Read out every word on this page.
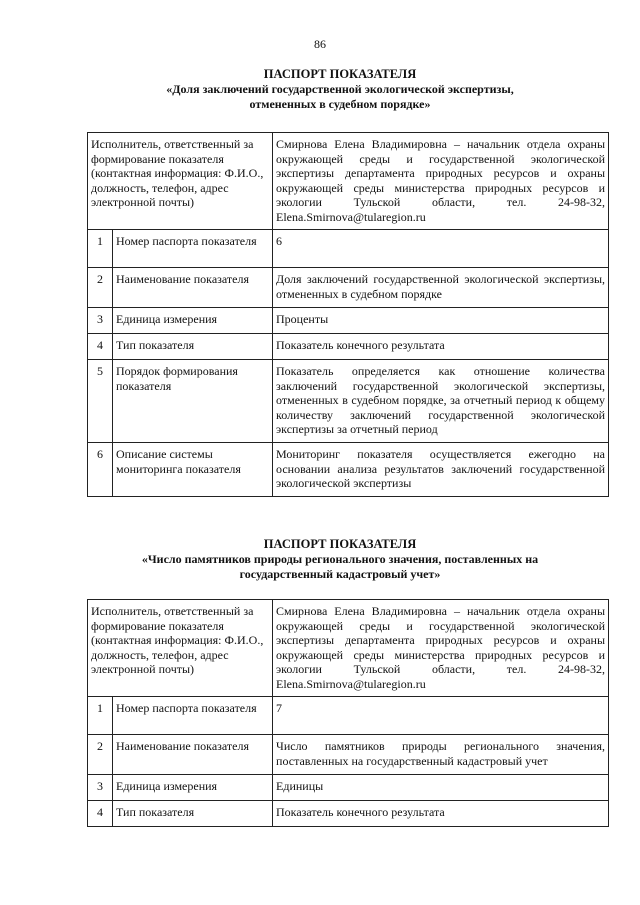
86
ПАСПОРТ ПОКАЗАТЕЛЯ
«Доля заключений государственной экологической экспертизы,
отмененных в судебном порядке»
Исполнитель, ответственный за формирование показателя (контактная информация: Ф.И.О., должность, телефон, адрес электронной почты)		Смирнова Елена Владимировна – начальник отдела охраны окружающей среды и государственной экологической экспертизы департамента природных ресурсов и охраны окружающей среды министерства природных ресурсов и экологии Тульской области, тел. 24-98-32, Elena.Smirnova@tularegion.ru
1	Номер паспорта показателя	6
2	Наименование показателя	Доля заключений государственной экологической экспертизы, отмененных в судебном порядке
3	Единица измерения	Проценты
4	Тип показателя	Показатель конечного результата
5	Порядок формирования показателя	Показатель определяется как отношение количества заключений государственной экологической экспертизы, отмененных в судебном порядке, за отчетный период к общему количеству заключений государственной экологической экспертизы за отчетный период
6	Описание системы мониторинга показателя	Мониторинг показателя осуществляется ежегодно на основании анализа результатов заключений государственной экологической экспертизы
ПАСПОРТ ПОКАЗАТЕЛЯ
«Число памятников природы регионального значения, поставленных на
государственный кадастровый учет»
Исполнитель, ответственный за формирование показателя (контактная информация: Ф.И.О., должность, телефон, адрес электронной почты)		Смирнова Елена Владимировна – начальник отдела охраны окружающей среды и государственной экологической экспертизы департамента природных ресурсов и охраны окружающей среды министерства природных ресурсов и экологии Тульской области, тел. 24-98-32, Elena.Smirnova@tularegion.ru
1	Номер паспорта показателя	7
2	Наименование показателя	Число памятников природы регионального значения, поставленных на государственный кадастровый учет
3	Единица измерения	Единицы
4	Тип показателя	Показатель конечного результата
